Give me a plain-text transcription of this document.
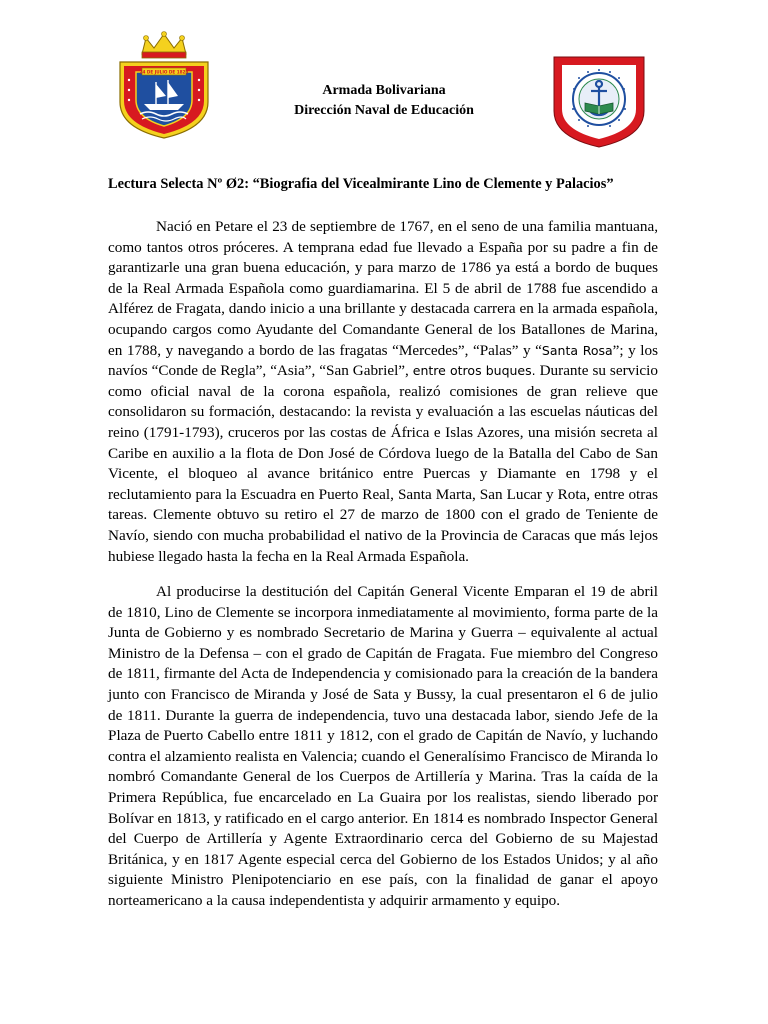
24 DE JULIO DE 1823
Armada Bolivariana
Dirección Naval de Educación
Lectura Selecta Nº Ø2: “Biografia del Vicealmirante Lino de Clemente y Palacios”

Nació en Petare el 23 de septiembre de 1767, en el seno de una familia mantuana, como tantos otros próceres. A temprana edad fue llevado a España por su padre a fin de garantizarle una gran buena educación, y para marzo de 1786 ya está a bordo de buques de la Real Armada Española como guardiamarina. El 5 de abril de 1788 fue ascendido a Alférez de Fragata, dando inicio a una brillante y destacada carrera en la armada española, ocupando cargos como Ayudante del Comandante General de los Batallones de Marina, en 1788, y navegando a bordo de las fragatas “Mercedes”, “Palas” y “Santa Rosa”; y los navíos “Conde de Regla”, “Asia”, “San Gabriel”, entre otros buques. Durante su servicio como oficial naval de la corona española, realizó comisiones de gran relieve que consolidaron su formación, destacando: la revista y evaluación a las escuelas náuticas del reino (1791-1793), cruceros por las costas de África e Islas Azores, una misión secreta al Caribe en auxilio a la flota de Don José de Córdova luego de la Batalla del Cabo de San Vicente, el bloqueo al avance británico entre Puercas y Diamante en 1798 y el reclutamiento para la Escuadra en Puerto Real, Santa Marta, San Lucar y Rota, entre otras tareas. Clemente obtuvo su retiro el 27 de marzo de 1800 con el grado de Teniente de Navío, siendo con mucha probabilidad el nativo de la Provincia de Caracas que más lejos hubiese llegado hasta la fecha en la Real Armada Española.

Al producirse la destitución del Capitán General Vicente Emparan el 19 de abril de 1810, Lino de Clemente se incorpora inmediatamente al movimiento, forma parte de la Junta de Gobierno y es nombrado Secretario de Marina y Guerra – equivalente al actual Ministro de la Defensa – con el grado de Capitán de Fragata. Fue miembro del Congreso de 1811, firmante del Acta de Independencia y comisionado para la creación de la bandera junto con Francisco de Miranda y José de Sata y Bussy, la cual presentaron el 6 de julio de 1811. Durante la guerra de independencia, tuvo una destacada labor, siendo Jefe de la Plaza de Puerto Cabello entre 1811 y 1812, con el grado de Capitán de Navío, y luchando contra el alzamiento realista en Valencia; cuando el Generalísimo Francisco de Miranda lo nombró Comandante General de los Cuerpos de Artillería y Marina. Tras la caída de la Primera República, fue encarcelado en La Guaira por los realistas, siendo liberado por Bolívar en 1813, y ratificado en el cargo anterior. En 1814 es nombrado Inspector General del Cuerpo de Artillería y Agente Extraordinario cerca del Gobierno de su Majestad Británica, y en 1817 Agente especial cerca del Gobierno de los Estados Unidos; y al año siguiente Ministro Plenipotenciario en ese país, con la finalidad de ganar el apoyo norteamericano a la causa independentista y adquirir armamento y equipo.
